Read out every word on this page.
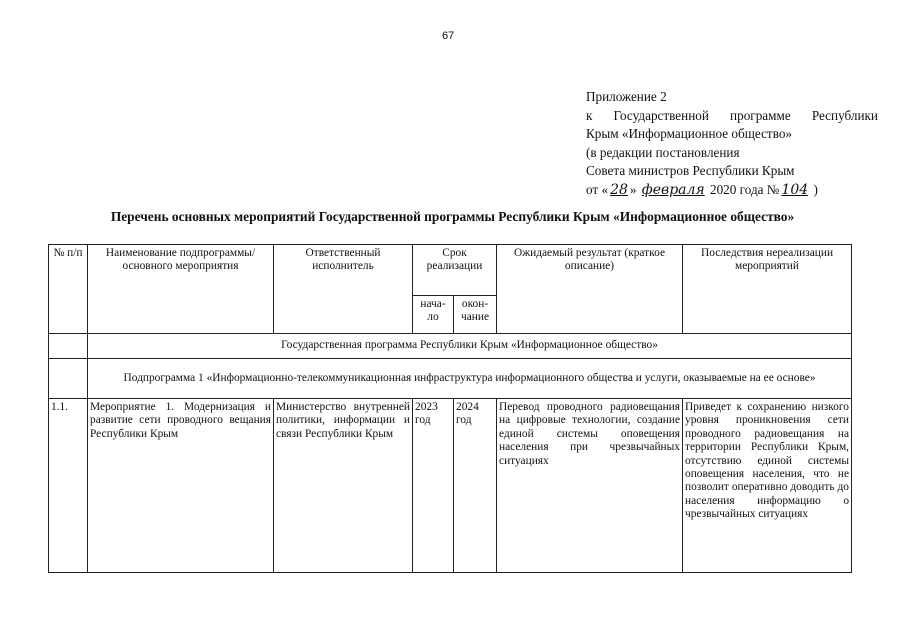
67
Приложение 2
к Государственной программе Республики
Крым «Информационное общество»
(в редакции постановления
Совета министров Республики Крым
от « 28 » февраля 2020 года № 104 )
Перечень основных мероприятий Государственной программы Республики Крым «Информационное общество»
№ п/п	Наименование подпрограммы/основного мероприятия	Ответственный исполнитель	Срок реализации		Ожидаемый результат (краткое описание)	Последствия нереализации мероприятий
			нача-ло	окон-чание		
	Государственная программа Республики Крым «Информационное общество»					
	Подпрограмма 1 «Информационно-телекоммуникационная инфраструктура информационного общества и услуги, оказываемые на ее основе»					
1.1.	Мероприятие 1. Модернизация и развитие сети проводного вещания Республики Крым	Министерство внутренней политики, информации и связи Республики Крым	2023 год	2024 год	Перевод проводного радиовещания на цифровые технологии, создание единой системы оповещения населения при чрезвычайных ситуациях	Приведет к сохранению низкого уровня проникновения сети проводного радиовещания на территории Республики Крым, отсутствию единой системы оповещения населения, что не позволит оперативно доводить до населения информацию о чрезвычайных ситуациях
